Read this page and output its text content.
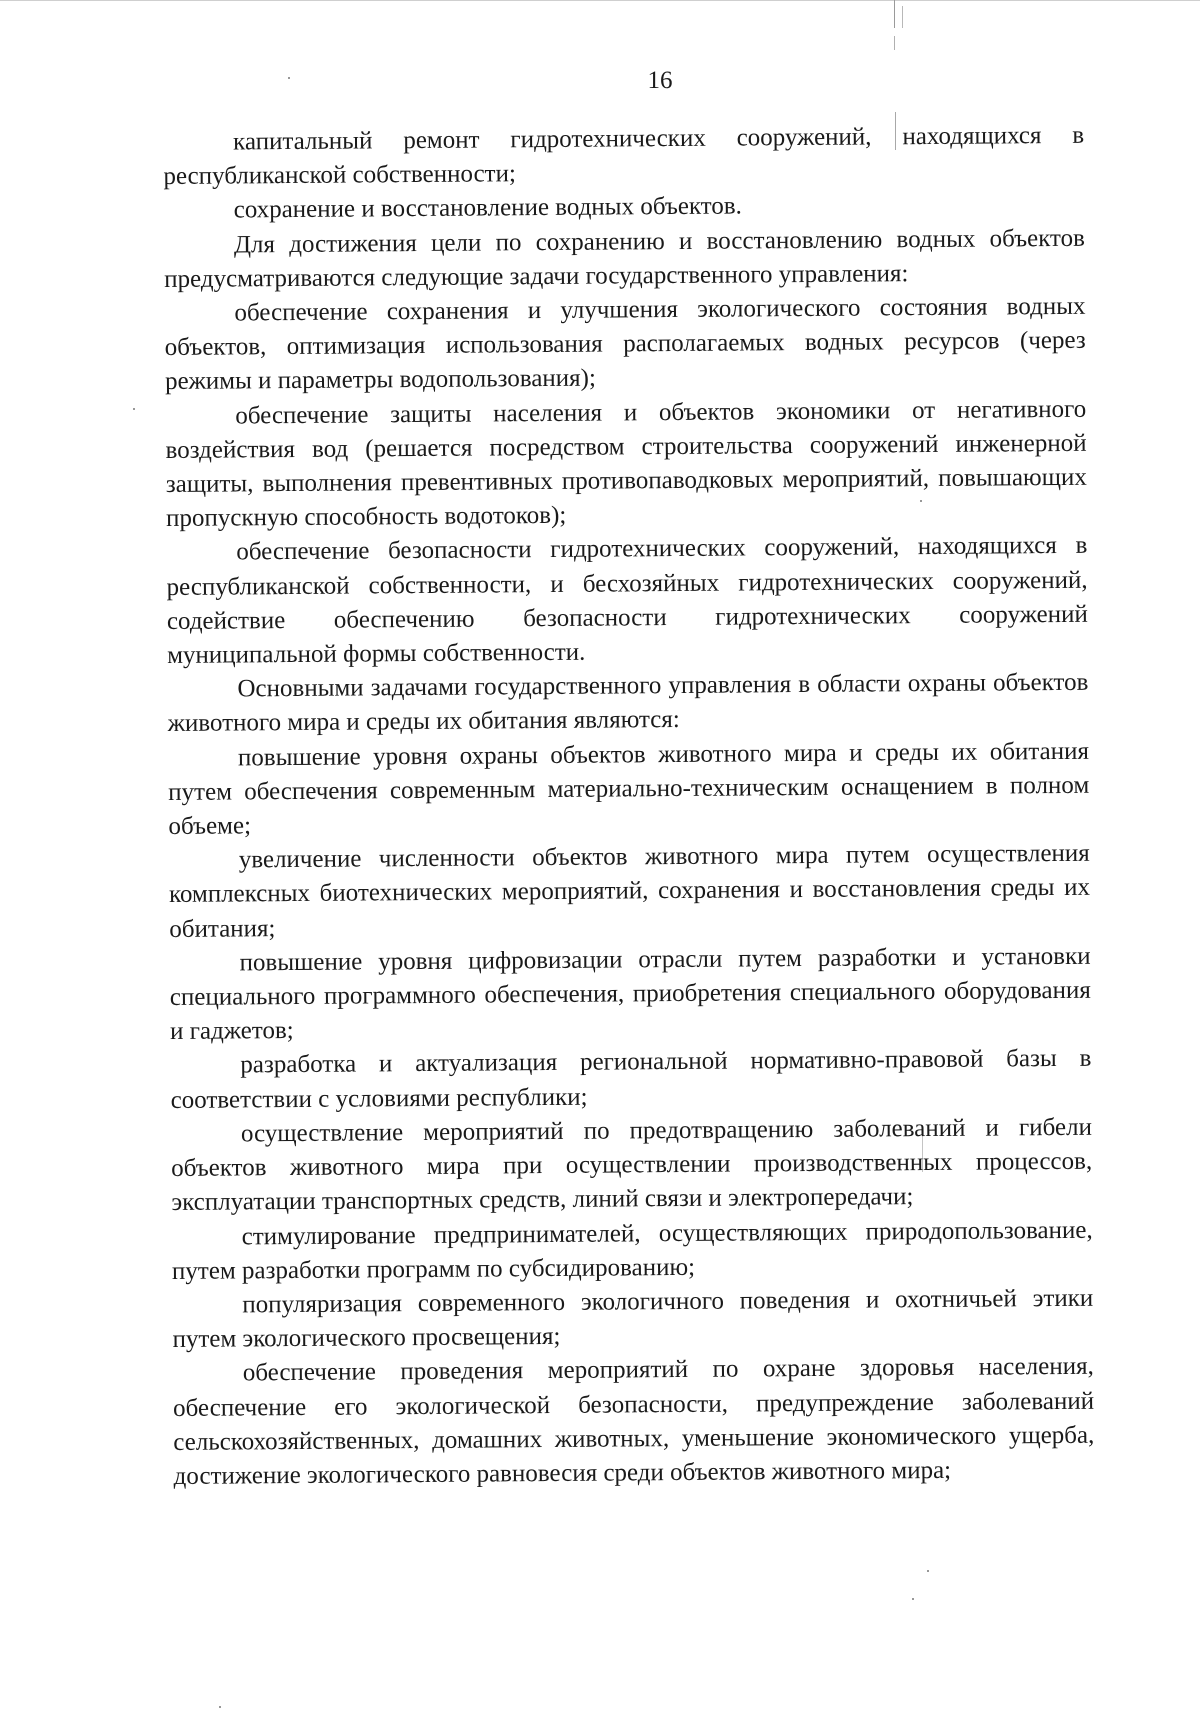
16

капитальный ремонт гидротехнических сооружений, находящихся в республиканской собственности;

сохранение и восстановление водных объектов.

Для достижения цели по сохранению и восстановлению водных объектов предусматриваются следующие задачи государственного управления:

обеспечение сохранения и улучшения экологического состояния водных объектов, оптимизация использования располагаемых водных ресурсов (через режимы и параметры водопользования);

обеспечение защиты населения и объектов экономики от негативного воздействия вод (решается посредством строительства сооружений инженерной защиты, выполнения превентивных противопаводковых мероприятий, повышающих пропускную способность водотоков);

обеспечение безопасности гидротехнических сооружений, находящихся в республиканской собственности, и бесхозяйных гидротехнических сооружений, содействие обеспечению безопасности гидротехнических сооружений муниципальной формы собственности.

Основными задачами государственного управления в области охраны объектов животного мира и среды их обитания являются:

повышение уровня охраны объектов животного мира и среды их обитания путем обеспечения современным материально-техническим оснащением в полном объеме;

увеличение численности объектов животного мира путем осуществления комплексных биотехнических мероприятий, сохранения и восстановления среды их обитания;

повышение уровня цифровизации отрасли путем разработки и установки специального программного обеспечения, приобретения специального оборудования и гаджетов;

разработка и актуализация региональной нормативно-правовой базы в соответствии с условиями республики;

осуществление мероприятий по предотвращению заболеваний и гибели объектов животного мира при осуществлении производственных процессов, эксплуатации транспортных средств, линий связи и электропередачи;

стимулирование предпринимателей, осуществляющих природопользование, путем разработки программ по субсидированию;

популяризация современного экологичного поведения и охотничьей этики путем экологического просвещения;

обеспечение проведения мероприятий по охране здоровья населения, обеспечение его экологической безопасности, предупреждение заболеваний сельскохозяйственных, домашних животных, уменьшение экономического ущерба, достижение экологического равновесия среди объектов животного мира;
